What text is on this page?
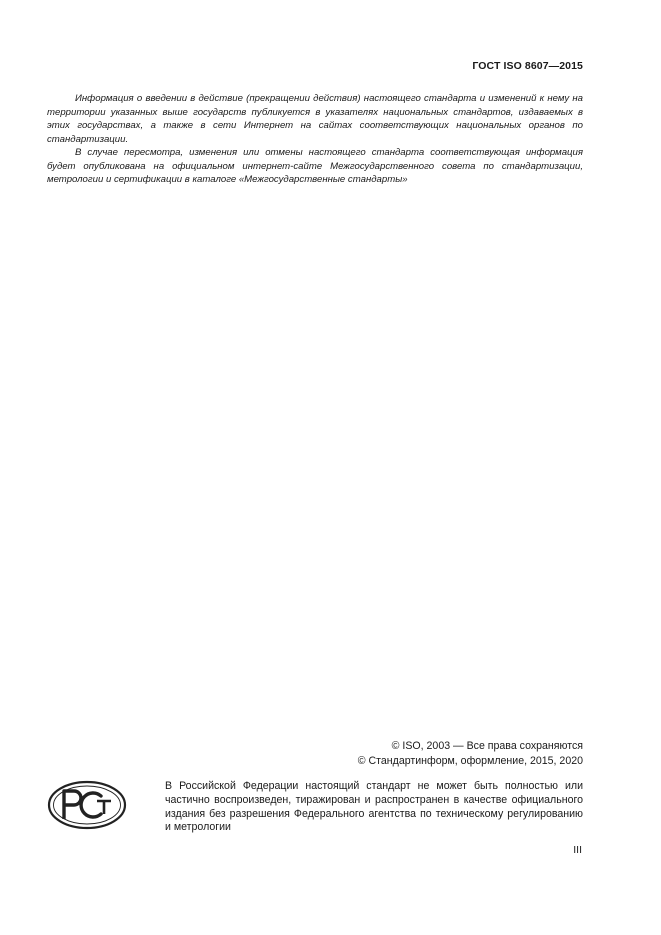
ГОСТ ISO 8607—2015

Информация о введении в действие (прекращении действия) настоящего стандарта и изменений к нему на территории указанных выше государств публикуется в указателях национальных стандартов, издаваемых в этих государствах, а также в сети Интернет на сайтах соответствующих национальных органов по стандартизации.

В случае пересмотра, изменения или отмены настоящего стандарта соответствующая информация будет опубликована на официальном интернет-сайте Межгосударственного совета по стандартизации, метрологии и сертификации в каталоге «Межгосударственные стандарты»

© ISO, 2003 — Все права сохраняются
© Стандартинформ, оформление, 2015, 2020
В Российской Федерации настоящий стандарт не может быть полностью или частично воспроизведен, тиражирован и распространен в качестве официального издания без разрешения Федерального агентства по техническому регулированию и метрологии
III
